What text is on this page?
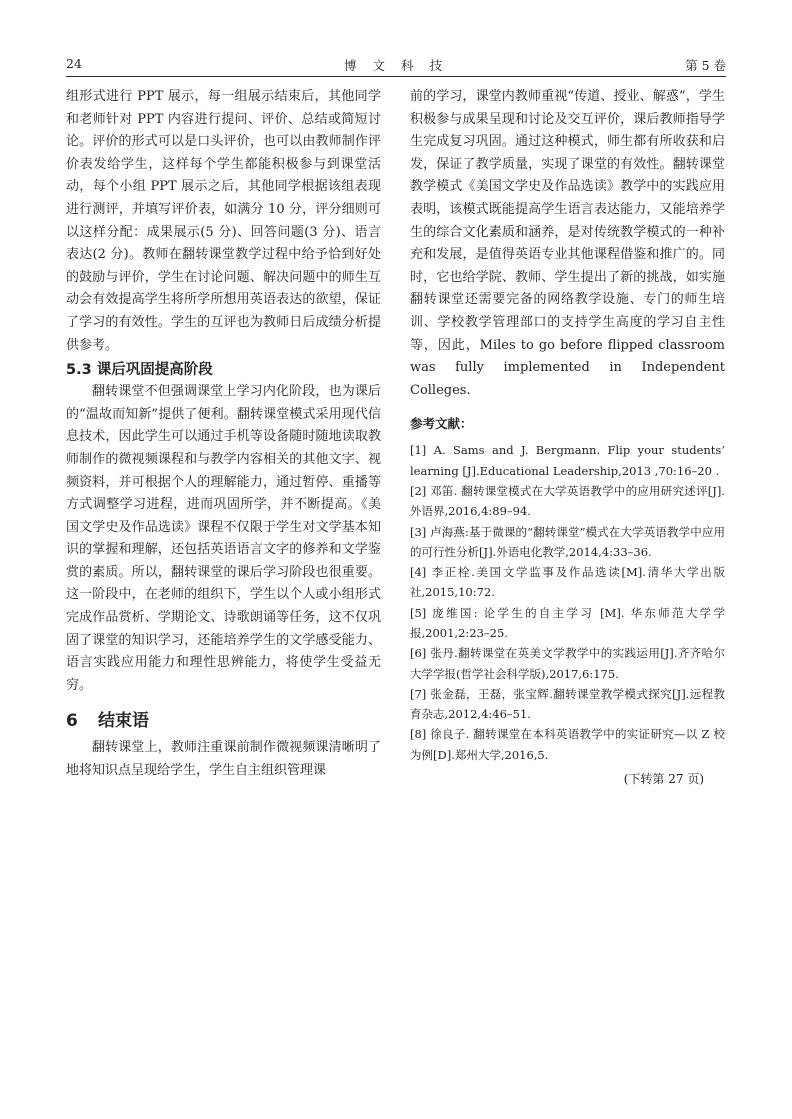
24	博 文 科 技	第 5 卷

组形式进行 PPT 展示，每一组展示结束后，其他同学和老师针对 PPT 内容进行提问、评价、总结或简短讨论。评价的形式可以是口头评价，也可以由教师制作评价表发给学生，这样每个学生都能积极参与到课堂活动，每个小组 PPT 展示之后，其他同学根据该组表现进行测评，并填写评价表，如满分 10 分，评分细则可以这样分配：成果展示(5 分)、回答问题(3 分)、语言表达(2 分)。教师在翻转课堂教学过程中给予恰到好处的鼓励与评价，学生在讨论问题、解决问题中的师生互动会有效提高学生将所学所想用英语表达的欲望，保证了学习的有效性。学生的互评也为教师日后成绩分析提供参考。

5.3 课后巩固提高阶段

翻转课堂不但强调课堂上学习内化阶段，也为课后的“温故而知新”提供了便利。翻转课堂模式采用现代信息技术，因此学生可以通过手机等设备随时随地读取教师制作的微视频课程和与教学内容相关的其他文字、视频资料，并可根据个人的理解能力，通过暂停、重播等方式调整学习进程，进而巩固所学，并不断提高。《美国文学史及作品选读》课程不仅限于学生对文学基本知识的掌握和理解，还包括英语语言文字的修养和文学鉴赏的素质。所以，翻转课堂的课后学习阶段也很重要。这一阶段中，在老师的组织下，学生以个人或小组形式完成作品赏析、学期论文、诗歌朗诵等任务，这不仅巩固了课堂的知识学习，还能培养学生的文学感受能力、语言实践应用能力和理性思辨能力，将使学生受益无穷。

6 结束语

翻转课堂上，教师注重课前制作微视频课清晰明了地将知识点呈现给学生，学生自主组织管理课

前的学习，课堂内教师重视“传道、授业、解惑”，学生积极参与成果呈现和讨论及交互评价，课后教师指导学生完成复习巩固。通过这种模式，师生都有所收获和启发，保证了教学质量，实现了课堂的有效性。翻转课堂教学模式《美国文学史及作品选读》教学中的实践应用表明，该模式既能提高学生语言表达能力，又能培养学生的综合文化素质和涵养，是对传统教学模式的一种补充和发展，是值得英语专业其他课程借鉴和推广的。同时，它也给学院、教师、学生提出了新的挑战，如实施翻转课堂还需要完备的网络教学设施、专门的师生培训、学校教学管理部口的支持学生高度的学习自主性等，因此，Miles to go before flipped classroom was fully implemented in Independent Colleges.

参考文献：

[1] A. Sams and J. Bergmann. Flip your students’ learning [J].Educational Leadership,2013 ,70:16–20 .

[2] 邓笛. 翻转课堂模式在大学英语教学中的应用研究述评[J].外语界,2016,4:89–94.

[3] 卢海燕:基于微课的“翻转课堂”模式在大学英语教学中应用的可行性分析[J].外语电化教学,2014,4:33–36.

[4] 李正栓.美国文学监事及作品选读[M].清华大学出版社,2015,10:72.

[5] 庞维国: 论学生的自主学习 [M]. 华东师范大学学报,2001,2:23–25.

[6] 张丹.翻转课堂在英美文学教学中的实践运用[J].齐齐哈尔大学学报(哲学社会科学版),2017,6:175.

[7] 张金磊，王磊，张宝辉.翻转课堂教学模式探究[J].远程教育杂志,2012,4:46–51.

[8] 徐良子. 翻转课堂在本科英语教学中的实证研究—以 Z 校为例[D].郑州大学,2016,5.

(下转第 27 页)
